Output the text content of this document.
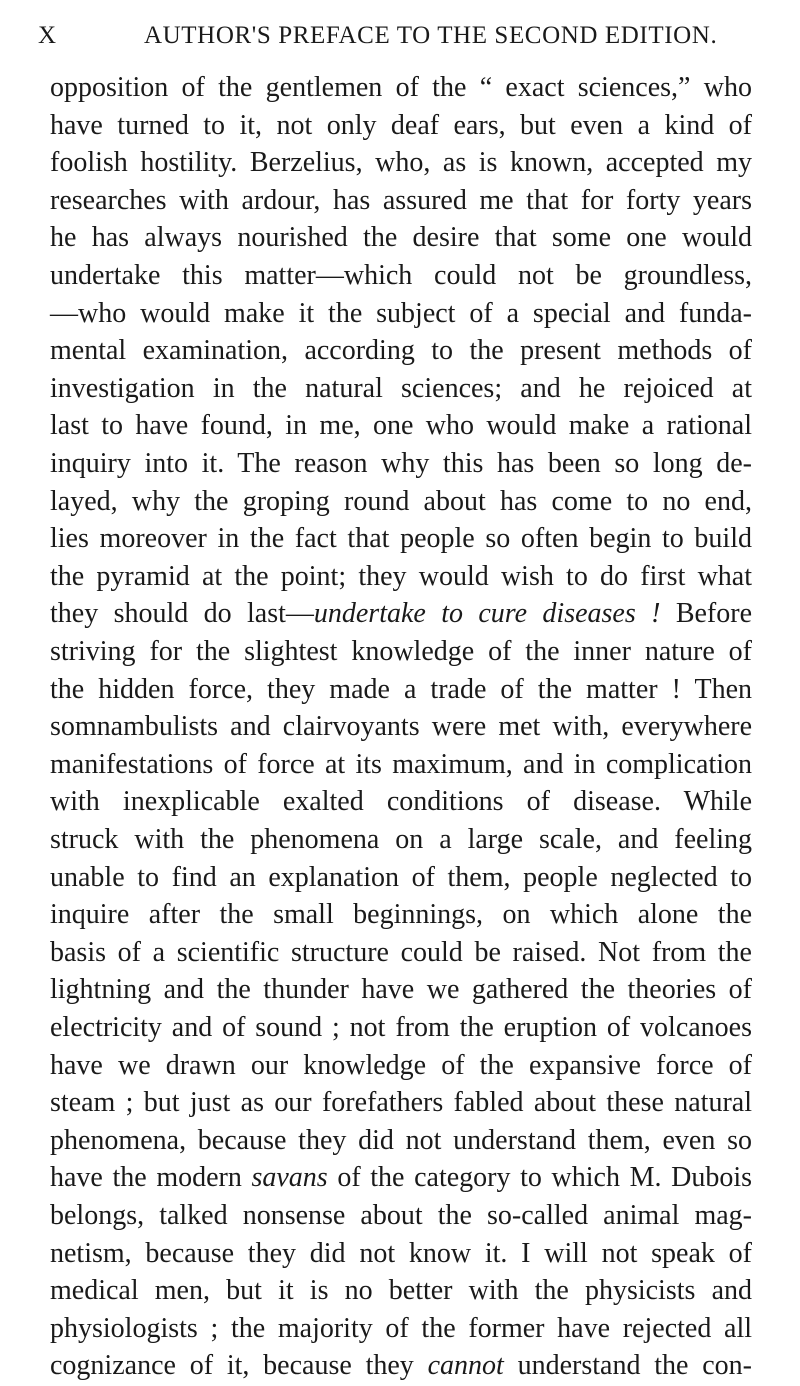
X	AUTHOR'S PREFACE TO THE SECOND EDITION.
opposition of the gentlemen of the “ exact sciences,” who
have turned to it, not only deaf ears, but even a kind of
foolish hostility. Berzelius, who, as is known, accepted my
researches with ardour, has assured me that for forty years
he has always nourished the desire that some one would
undertake this matter—which could not be groundless,
—who would make it the subject of a special and funda-
mental examination, according to the present methods of
investigation in the natural sciences; and he rejoiced at
last to have found, in me, one who would make a rational
inquiry into it. The reason why this has been so long de-
layed, why the groping round about has come to no end,
lies moreover in the fact that people so often begin to build
the pyramid at the point; they would wish to do first what
they should do last—undertake to cure diseases ! Before
striving for the slightest knowledge of the inner nature of
the hidden force, they made a trade of the matter ! Then
somnambulists and clairvoyants were met with, everywhere
manifestations of force at its maximum, and in complication
with inexplicable exalted conditions of disease. While
struck with the phenomena on a large scale, and feeling
unable to find an explanation of them, people neglected to
inquire after the small beginnings, on which alone the
basis of a scientific structure could be raised. Not from the
lightning and the thunder have we gathered the theories of
electricity and of sound ; not from the eruption of volcanoes
have we drawn our knowledge of the expansive force of
steam ; but just as our forefathers fabled about these natural
phenomena, because they did not understand them, even so
have the modern savans of the category to which M. Dubois
belongs, talked nonsense about the so-called animal mag-
netism, because they did not know it. I will not speak of
medical men, but it is no better with the physicists and
physiologists ; the majority of the former have rejected all
cognizance of it, because they cannot understand the con-
